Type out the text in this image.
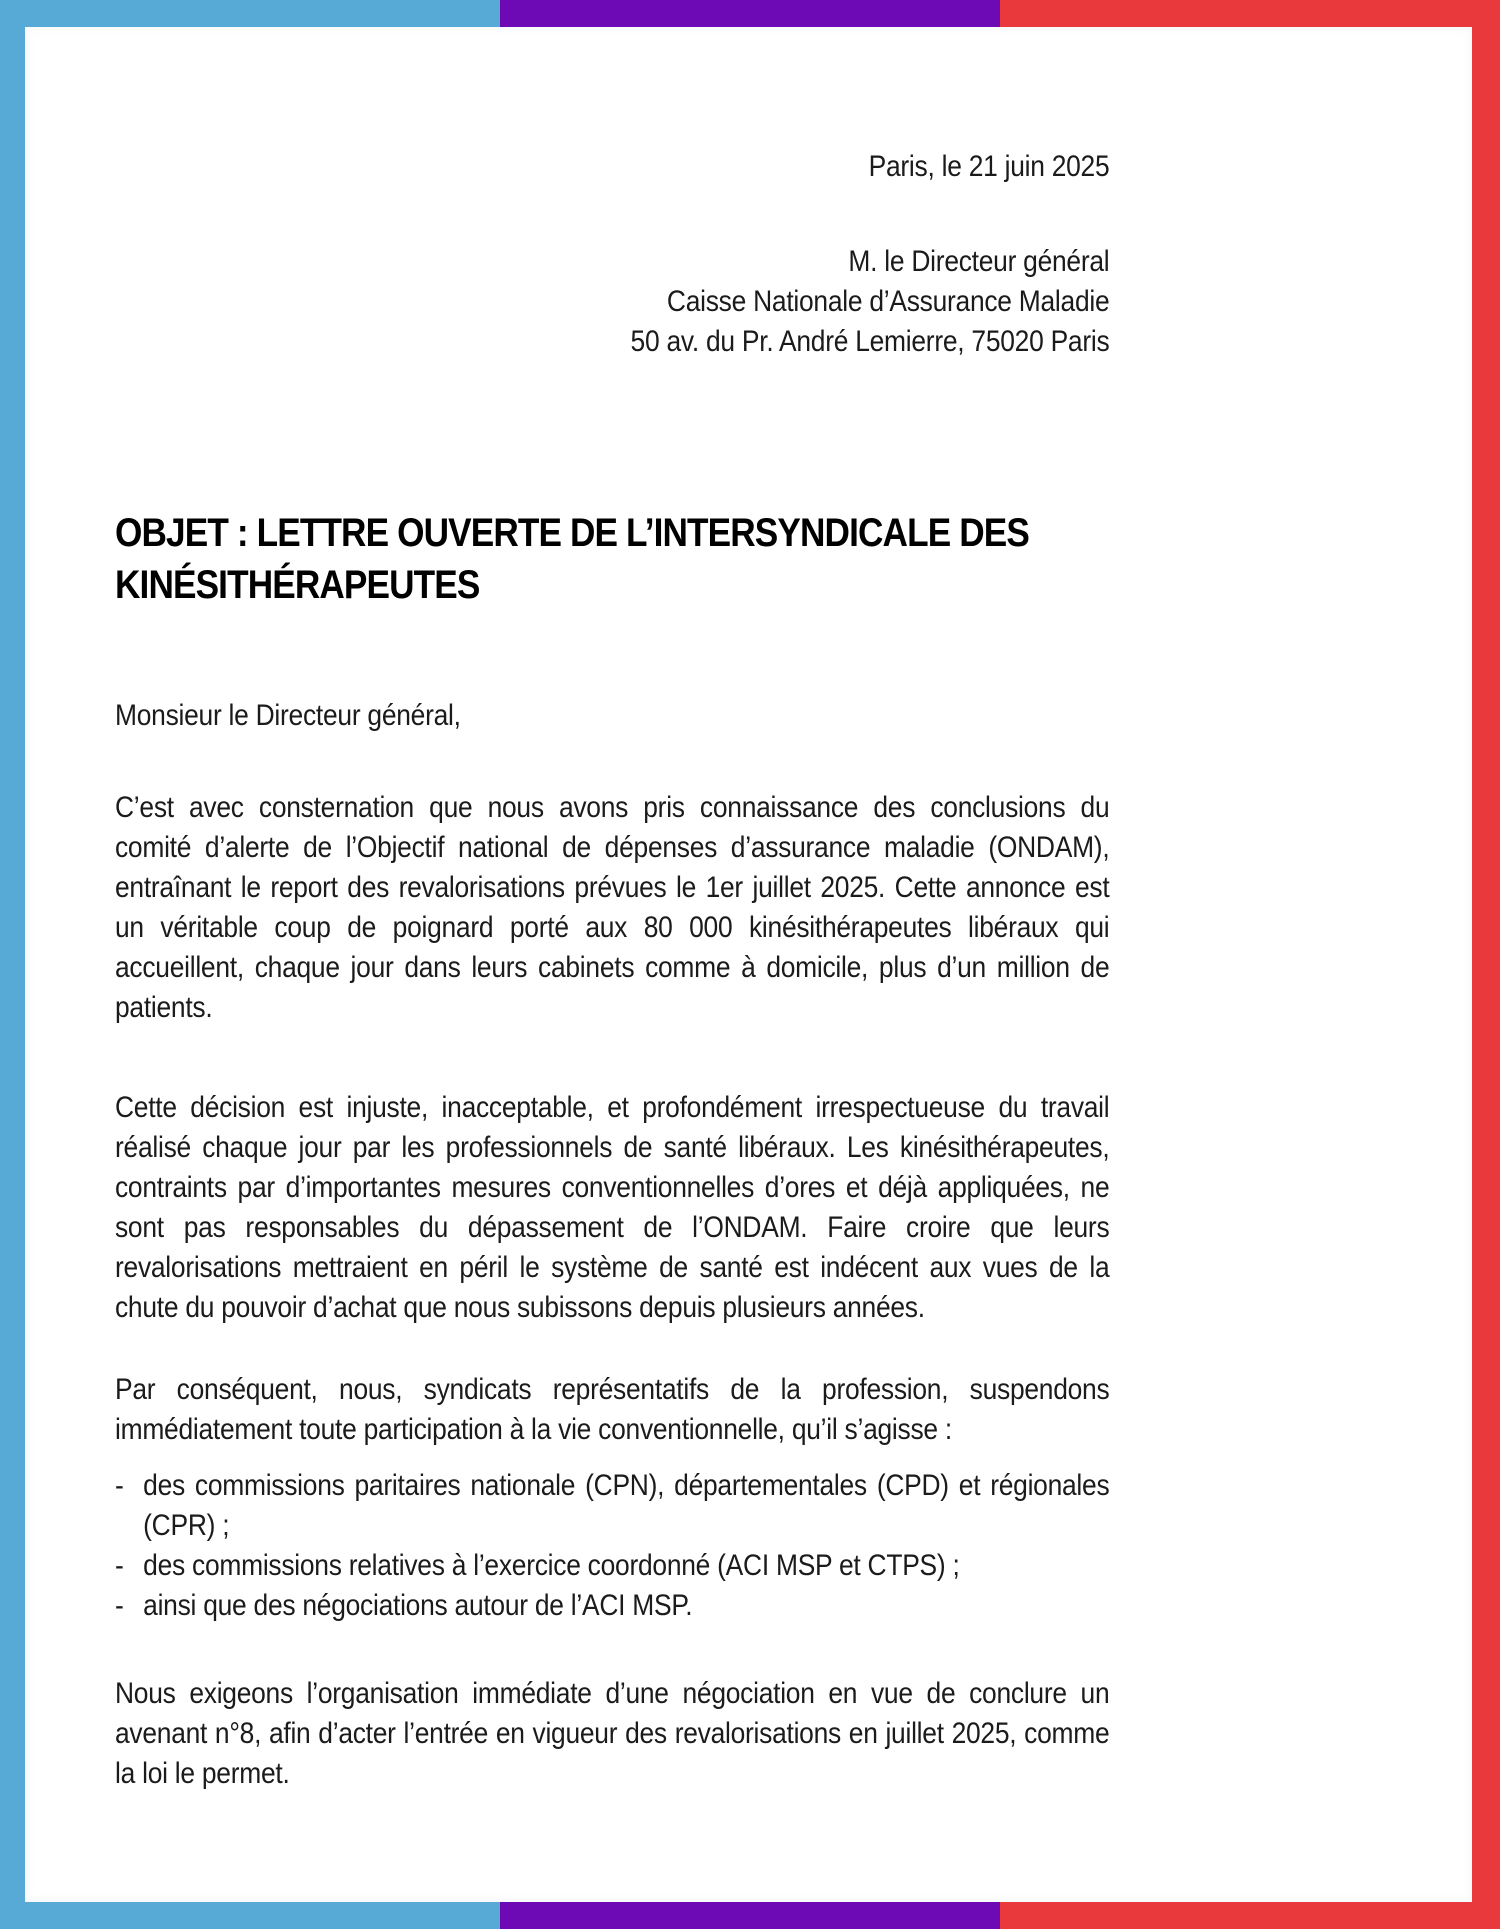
Paris, le 21 juin 2025

M. le Directeur général
Caisse Nationale d’Assurance Maladie
50 av. du Pr. André Lemierre, 75020 Paris
OBJET : LETTRE OUVERTE DE L’INTERSYNDICALE DES KINÉSITHÉRAPEUTES

Monsieur le Directeur général,

C’est avec consternation que nous avons pris connaissance des conclusions du comité d’alerte de l’Objectif national de dépenses d’assurance maladie (ONDAM), entraînant le report des revalorisations prévues le 1er juillet 2025. Cette annonce est un véritable coup de poignard porté aux 80 000 kinésithérapeutes libéraux qui accueillent, chaque jour dans leurs cabinets comme à domicile, plus d’un million de patients.

Cette décision est injuste, inacceptable, et profondément irrespectueuse du travail réalisé chaque jour par les professionnels de santé libéraux. Les kinésithérapeutes, contraints par d’importantes mesures conventionnelles d’ores et déjà appliquées, ne sont pas responsables du dépassement de l’ONDAM. Faire croire que leurs revalorisations mettraient en péril le système de santé est indécent aux vues de la chute du pouvoir d’achat que nous subissons depuis plusieurs années.

Par conséquent, nous, syndicats représentatifs de la profession, suspendons immédiatement toute participation à la vie conventionnelle, qu’il s’agisse :

- des commissions paritaires nationale (CPN), départementales (CPD) et régionales (CPR) ;
- des commissions relatives à l’exercice coordonné (ACI MSP et CTPS) ;
- ainsi que des négociations autour de l’ACI MSP.

Nous exigeons l’organisation immédiate d’une négociation en vue de conclure un avenant n°8, afin d’acter l’entrée en vigueur des revalorisations en juillet 2025, comme la loi le permet.
